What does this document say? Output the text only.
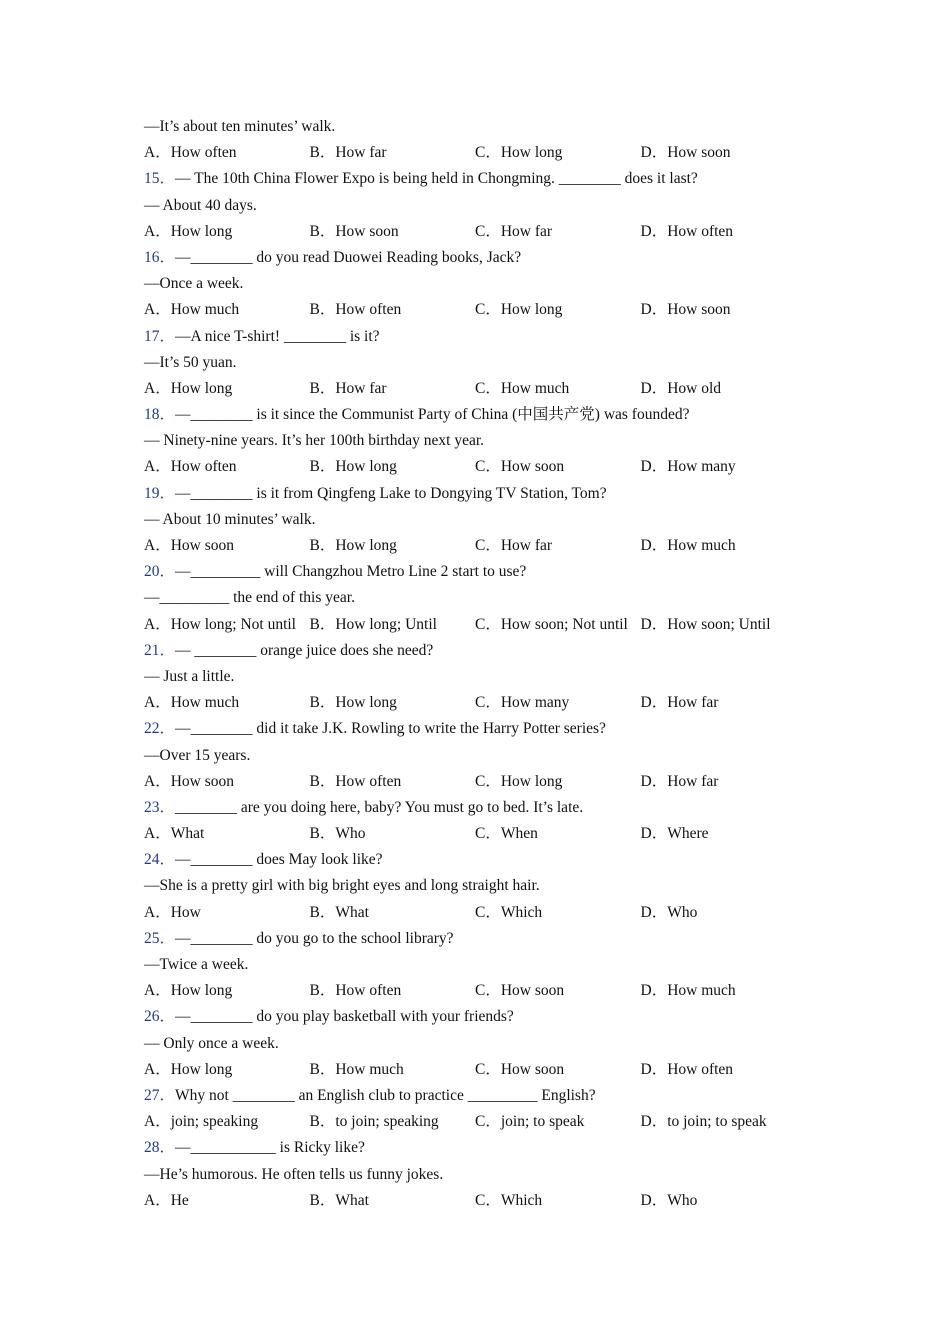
—It’s about ten minutes’ walk.
A．How often	B．How far	C．How long	D．How soon
15．— The 10th China Flower Expo is being held in Chongming. ________ does it last?
— About 40 days.
A．How long	B．How soon	C．How far	D．How often
16．—________ do you read Duowei Reading books, Jack?
—Once a week.
A．How much	B．How often	C．How long	D．How soon
17．—A nice T-shirt! ________ is it?
—It’s 50 yuan.
A．How long	B．How far	C．How much	D．How old
18．—________ is it since the Communist Party of China (中国共产党) was founded?
— Ninety-nine years. It’s her 100th birthday next year.
A．How often	B．How long	C．How soon	D．How many
19．—________ is it from Qingfeng Lake to Dongying TV Station, Tom?
— About 10 minutes’ walk.
A．How soon	B．How long	C．How far	D．How much
20．—_________ will Changzhou Metro Line 2 start to use?
—_________ the end of this year.
A．How long; Not until B．How long; Until	C．How soon; Not until D．How soon; Until
21．— ________ orange juice does she need?
— Just a little.
A．How much	B．How long	C．How many	D．How far
22．—________ did it take J.K. Rowling to write the Harry Potter series?
—Over 15 years.
A．How soon	B．How often	C．How long	D．How far
23．________ are you doing here, baby? You must go to bed. It’s late.
A．What	B．Who	C．When	D．Where
24．—________ does May look like?
—She is a pretty girl with big bright eyes and long straight hair.
A．How	B．What	C．Which	D．Who
25．—________ do you go to the school library?
—Twice a week.
A．How long	B．How often	C．How soon	D．How much
26．—________ do you play basketball with your friends?
— Only once a week.
A．How long	B．How much	C．How soon	D．How often
27．Why not ________ an English club to practice _________ English?
A．join; speaking	B．to join; speaking	C．join; to speak	D．to join; to speak
28．—___________ is Ricky like?
—He’s humorous. He often tells us funny jokes.
A．He	B．What	C．Which	D．Who
